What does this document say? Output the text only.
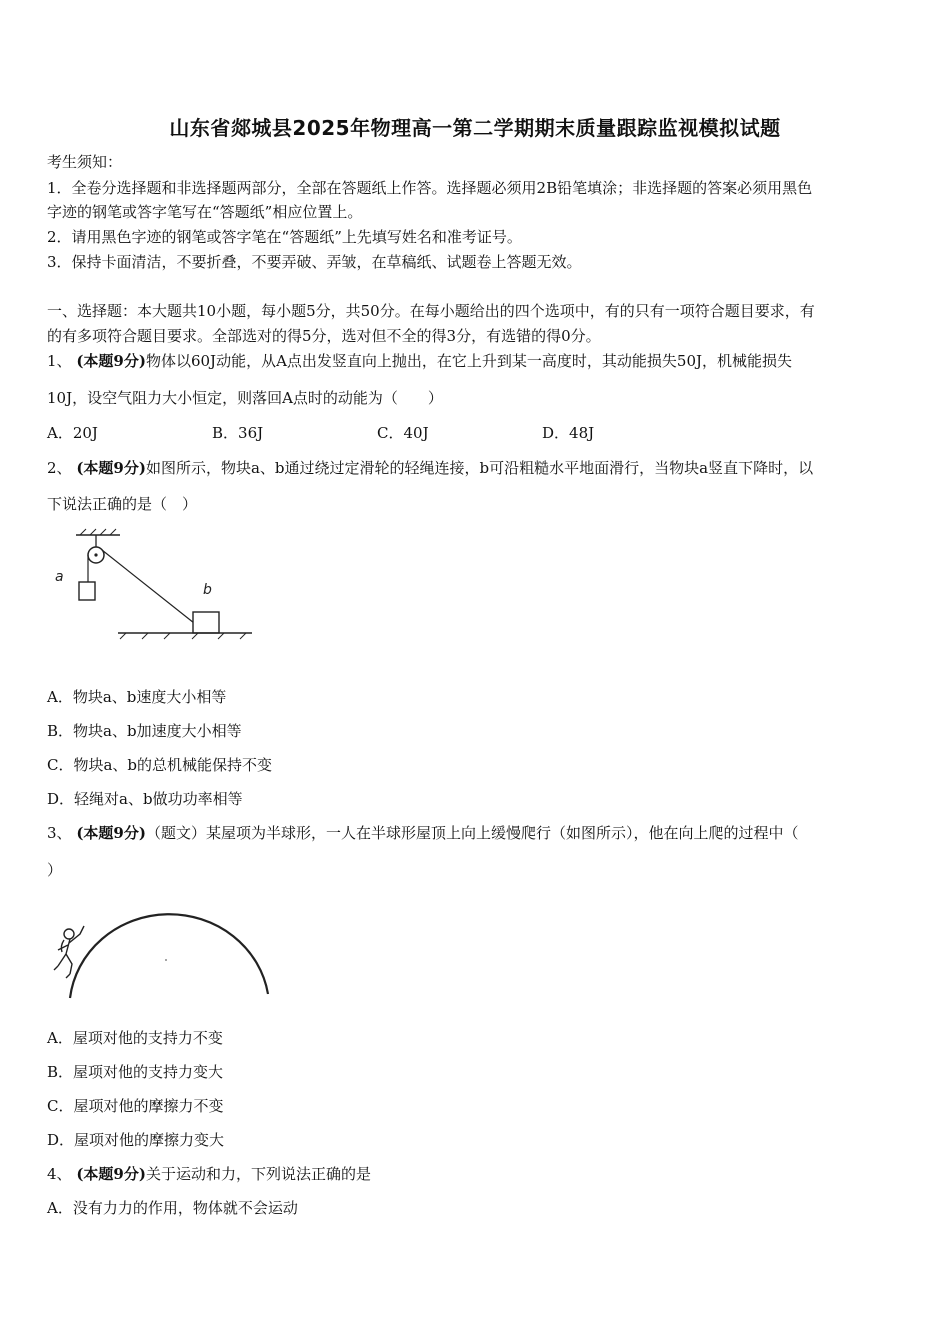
山东省郯城县2025年物理高一第二学期期末质量跟踪监视模拟试题
考生须知：
1．全卷分选择题和非选择题两部分，全部在答题纸上作答。选择题必须用2B铅笔填涂；非选择题的答案必须用黑色
字迹的钢笔或答字笔写在“答题纸”相应位置上。
2．请用黑色字迹的钢笔或答字笔在“答题纸”上先填写姓名和准考证号。
3．保持卡面清洁，不要折叠，不要弄破、弄皱，在草稿纸、试题卷上答题无效。
一、选择题：本大题共10小题，每小题5分，共50分。在每小题给出的四个选项中，有的只有一项符合题目要求，有
的有多项符合题目要求。全部选对的得5分，选对但不全的得3分，有选错的得0分。
1、 (本题9分)物体以60J动能，从A点出发竖直向上抛出，在它上升到某一高度时，其动能损失50J，机械能损失
10J，设空气阻力大小恒定，则落回A点时的动能为（　　）
A．20J	B．36J	C．40J	D．48J
2、 (本题9分)如图所示，物块a、b通过绕过定滑轮的轻绳连接，b可沿粗糙水平地面滑行，当物块a竖直下降时，以
下说法正确的是（　）
a
b
A．物块a、b速度大小相等
B．物块a、b加速度大小相等
C．物块a、b的总机械能保持不变
D．轻绳对a、b做功功率相等
3、 (本题9分)（题文）某屋项为半球形，一人在半球形屋顶上向上缓慢爬行（如图所示），他在向上爬的过程中（
）
A．屋项对他的支持力不变
B．屋项对他的支持力变大
C．屋项对他的摩擦力不变
D．屋项对他的摩擦力变大
4、 (本题9分)关于运动和力，下列说法正确的是
A．没有力力的作用，物体就不会运动
